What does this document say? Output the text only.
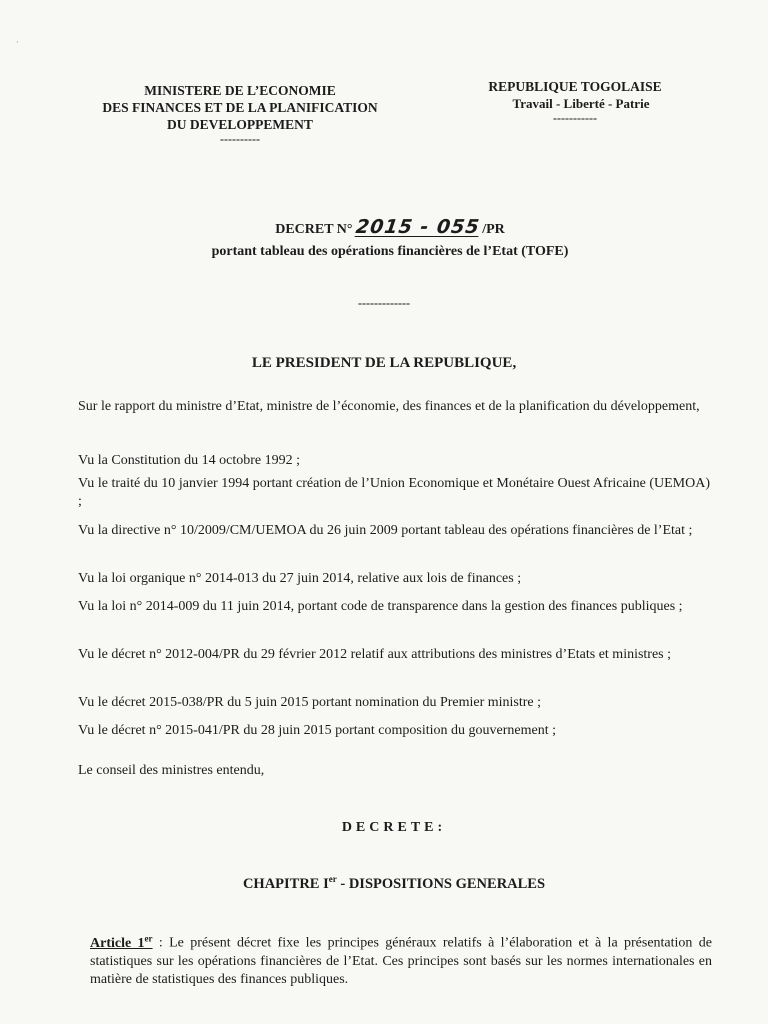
·
MINISTERE DE L’ECONOMIE
DES FINANCES ET DE LA PLANIFICATION
DU DEVELOPPEMENT
----------
REPUBLIQUE TOGOLAISE
Travail - Liberté - Patrie
-----------
DECRET N°2015 - 055/PR
portant tableau des opérations financières de l’Etat (TOFE)
-------------
LE PRESIDENT DE LA REPUBLIQUE,

Sur le rapport du ministre d’Etat, ministre de l’économie, des finances et de la planification du développement,

Vu la Constitution du 14 octobre 1992 ;

Vu le traité du 10 janvier 1994 portant création de l’Union Economique et Monétaire Ouest Africaine (UEMOA) ;

Vu la directive n° 10/2009/CM/UEMOA du 26 juin 2009 portant tableau des opérations financières de l’Etat ;

Vu la loi organique n° 2014-013 du 27 juin 2014, relative aux lois de finances ;

Vu la loi n° 2014-009 du 11 juin 2014, portant code de transparence dans la gestion des finances publiques ;

Vu le décret n° 2012-004/PR du 29 février 2012 relatif aux attributions des ministres d’Etats et ministres ;

Vu le décret 2015-038/PR du 5 juin 2015 portant nomination du Premier ministre ;

Vu le décret n° 2015-041/PR du 28 juin 2015 portant composition du gouvernement ;

Le conseil des ministres entendu,

DECRETE:
CHAPITRE Ier - DISPOSITIONS GENERALES
Article 1er : Le présent décret fixe les principes généraux relatifs à l’élaboration et à la présentation de statistiques sur les opérations financières de l’Etat. Ces principes sont basés sur les normes internationales en matière de statistiques des finances publiques.
